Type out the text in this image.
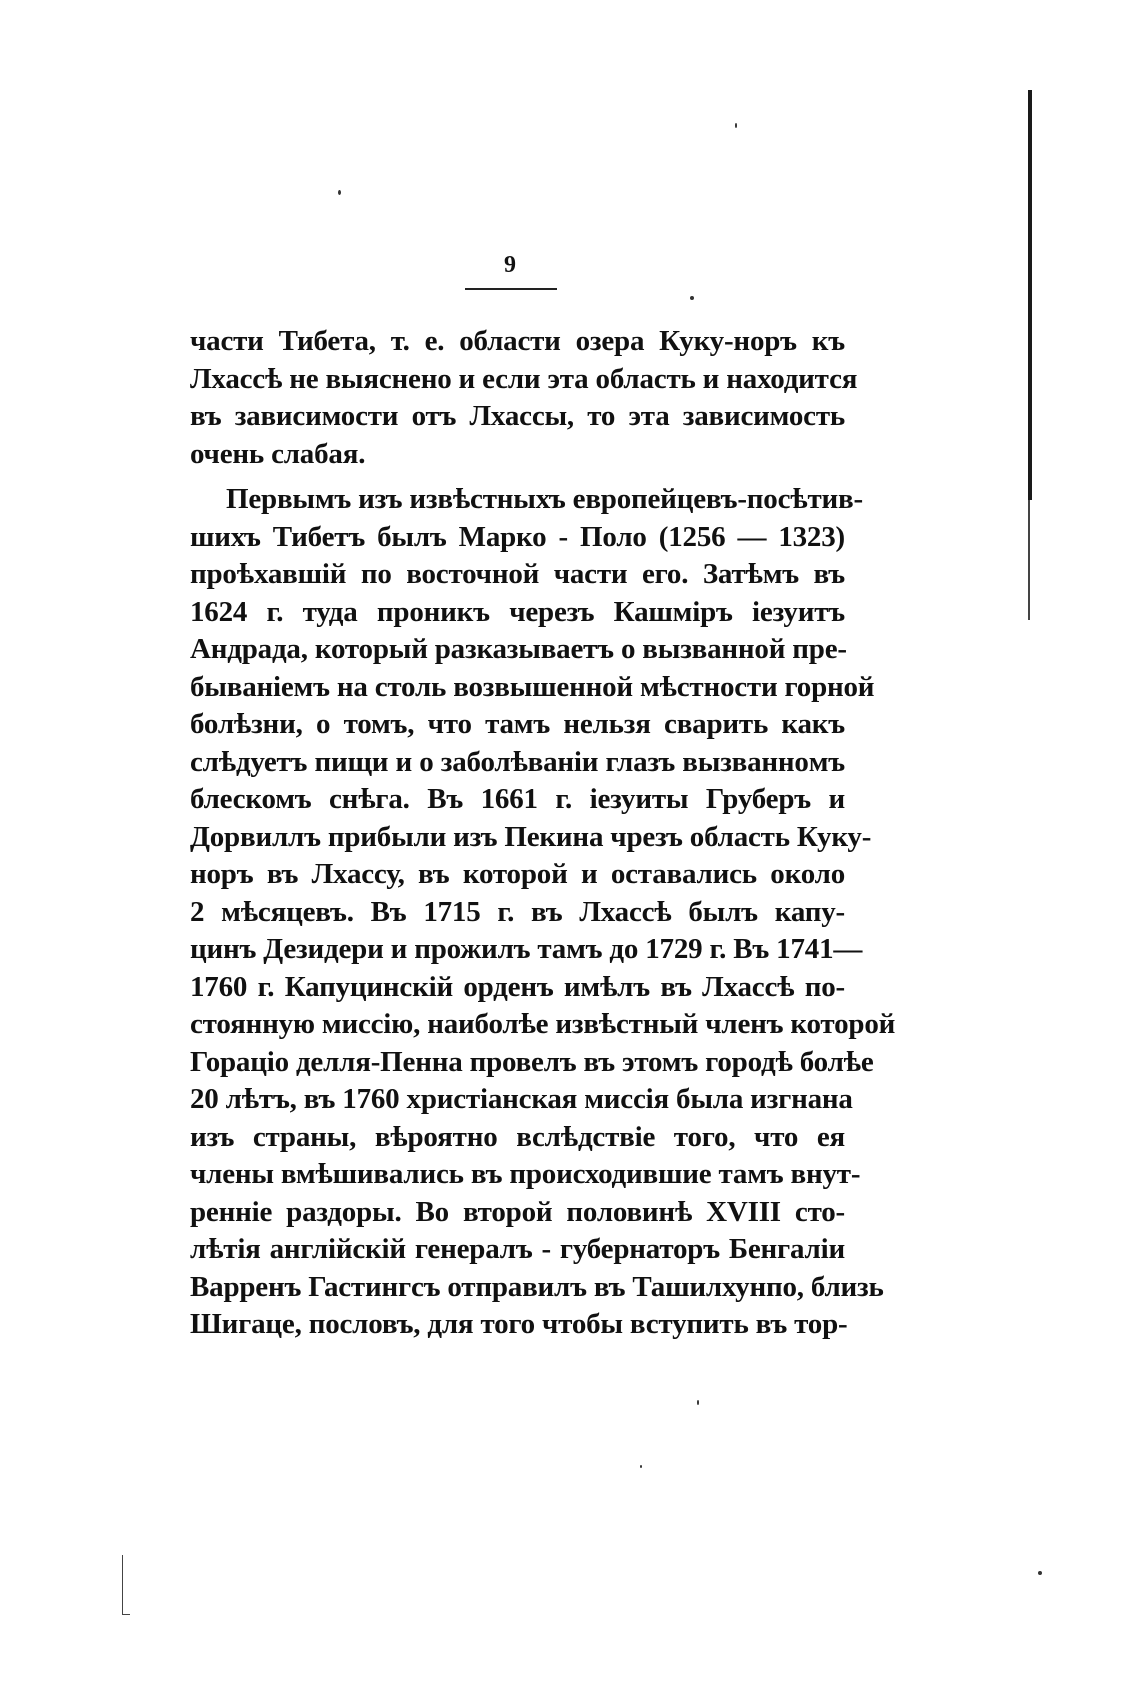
9
части Тибета, т. е. области озера Куку-норъ къ
Лхассѣ не выяснено и если эта область и находится
въ зависимости отъ Лхассы, то эта зависимость
очень слабая.
Первымъ изъ извѣстныхъ европейцевъ-посѣтив-
шихъ Тибетъ былъ Марко - Поло (1256 — 1323)
проѣхавшій по восточной части его. Затѣмъ въ
1624 г. туда проникъ черезъ Кашміръ іезуитъ
Андрада, который разказываетъ о вызванной пре-
быванiемъ на столь возвышенной мѣстности горной
болѣзни, о томъ, что тамъ нельзя сварить какъ
слѣдуетъ пищи и о заболѣваніи глазъ вызваннoмъ
блескомъ снѣга. Въ 1661 г. іезуиты Груберъ и
Дорвиллъ прибыли изъ Пекина чрезъ область Куку-
норъ въ Лхассу, въ которой и оставались около
2 мѣсяцевъ. Въ 1715 г. въ Лхассѣ былъ капу-
цинъ Дезидери и прожилъ тамъ до 1729 г. Въ 1741—
1760 г. Капуцинскій орденъ имѣлъ въ Лхассѣ по-
стоянную миссію, наиболѣе извѣстный членъ которой
Гораціо делля-Пенна провелъ въ этомъ городѣ болѣе
20 лѣтъ, въ 1760 христіанская миссія была изгнана
изъ страны, вѣроятно вслѣдствіе того, что ея
члены вмѣшивались въ происходившие тамъ внут-
ренніе раздоры. Во второй половинѣ XVIII сто-
лѣтія англійскій генералъ - губернаторъ Бенгаліи
Варренъ Гастингсъ отправилъ въ Ташилхунпо, близь
Шигаце, пословъ, для того чтобы вступить въ тор-
